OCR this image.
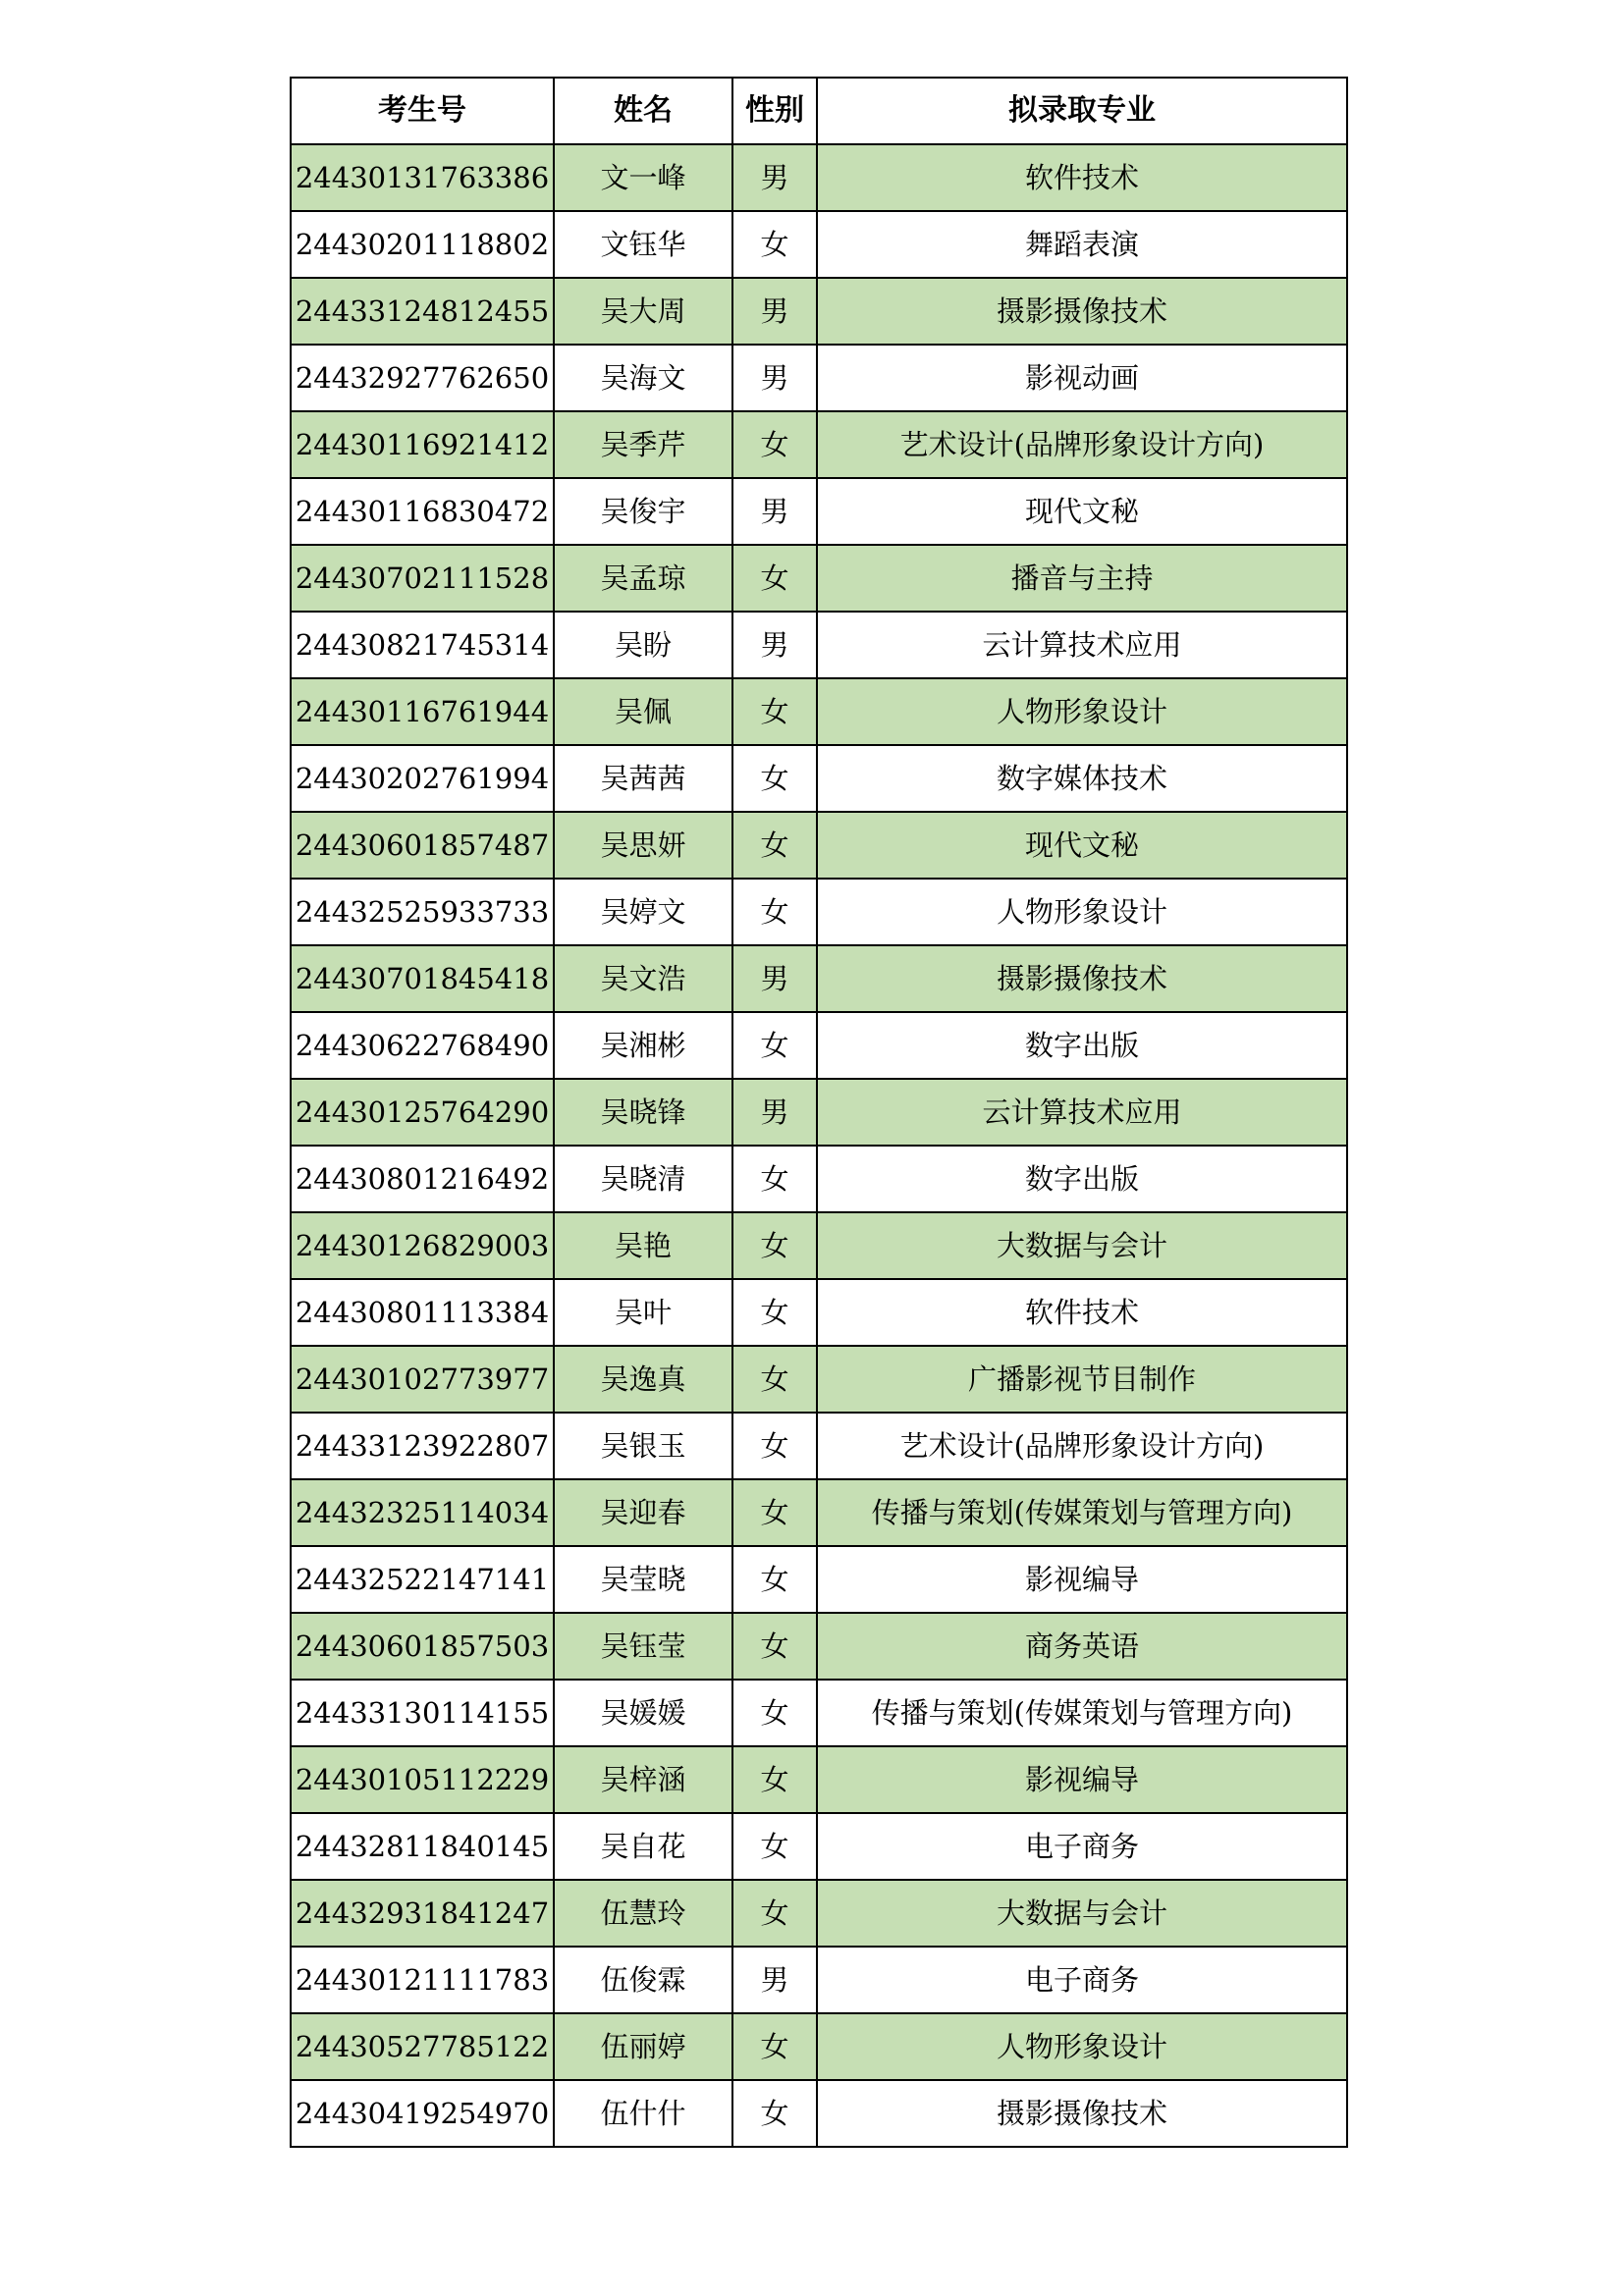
考生号	姓名	性别	拟录取专业
24430131763386	文一峰	男	软件技术
24430201118802	文钰华	女	舞蹈表演
24433124812455	吴大周	男	摄影摄像技术
24432927762650	吴海文	男	影视动画
24430116921412	吴季芹	女	艺术设计(品牌形象设计方向)
24430116830472	吴俊宇	男	现代文秘
24430702111528	吴孟琼	女	播音与主持
24430821745314	吴盼	男	云计算技术应用
24430116761944	吴佩	女	人物形象设计
24430202761994	吴茜茜	女	数字媒体技术
24430601857487	吴思妍	女	现代文秘
24432525933733	吴婷文	女	人物形象设计
24430701845418	吴文浩	男	摄影摄像技术
24430622768490	吴湘彬	女	数字出版
24430125764290	吴晓锋	男	云计算技术应用
24430801216492	吴晓清	女	数字出版
24430126829003	吴艳	女	大数据与会计
24430801113384	吴叶	女	软件技术
24430102773977	吴逸真	女	广播影视节目制作
24433123922807	吴银玉	女	艺术设计(品牌形象设计方向)
24432325114034	吴迎春	女	传播与策划(传媒策划与管理方向)
24432522147141	吴莹晓	女	影视编导
24430601857503	吴钰莹	女	商务英语
24433130114155	吴媛媛	女	传播与策划(传媒策划与管理方向)
24430105112229	吴梓涵	女	影视编导
24432811840145	吴自花	女	电子商务
24432931841247	伍慧玲	女	大数据与会计
24430121111783	伍俊霖	男	电子商务
24430527785122	伍丽婷	女	人物形象设计
24430419254970	伍什什	女	摄影摄像技术
